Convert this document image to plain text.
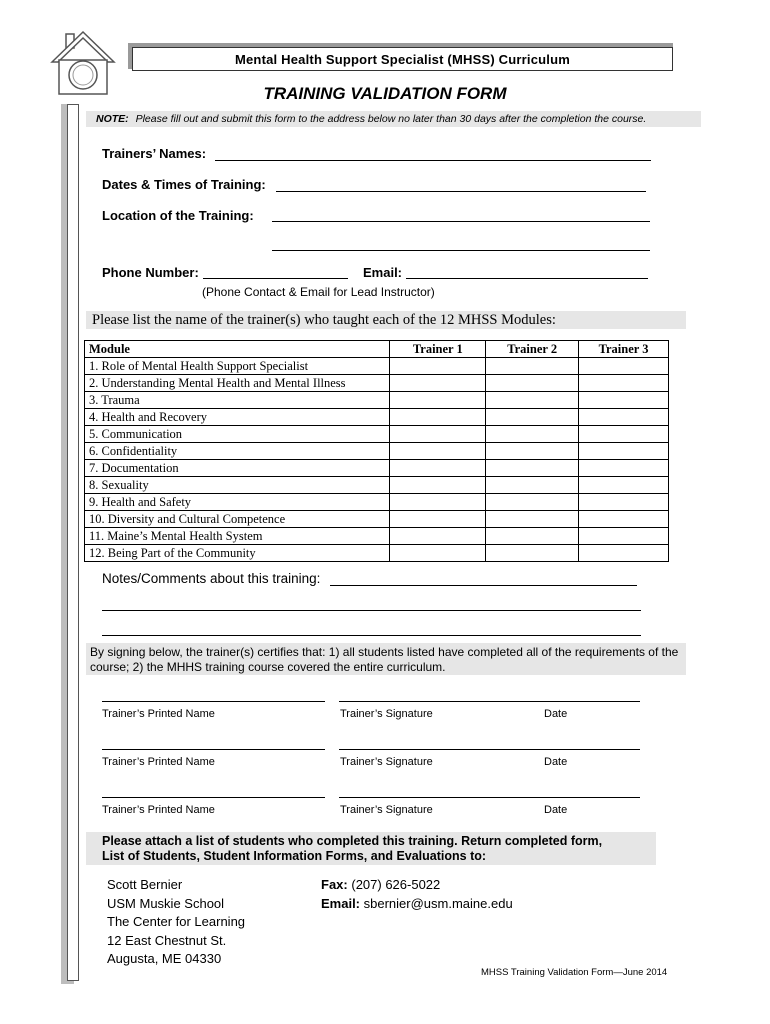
Mental Health Support Specialist (MHSS) Curriculum
TRAINING VALIDATION FORM
NOTE: Please fill out and submit this form to the address below no later than 30 days after the completion the course.
Trainers’ Names:
Dates & Times of Training:
Location of the Training:
Phone Number:	Email:
(Phone Contact & Email for Lead Instructor)
Please list the name of the trainer(s) who taught each of the 12 MHSS Modules:
Module	Trainer 1	Trainer 2	Trainer 3
1. Role of Mental Health Support Specialist			
2. Understanding Mental Health and Mental Illness			
3. Trauma			
4. Health and Recovery			
5. Communication			
6. Confidentiality			
7. Documentation			
8. Sexuality			
9. Health and Safety			
10. Diversity and Cultural Competence			
11. Maine’s Mental Health System			
12. Being Part of the Community			
Notes/Comments about this training:
By signing below, the trainer(s) certifies that: 1) all students listed have completed all of the requirements of the course; 2) the MHHS training course covered the entire curriculum.
Trainer’s Printed Name	Trainer’s Signature	Date
Trainer’s Printed Name	Trainer’s Signature	Date
Trainer’s Printed Name	Trainer’s Signature	Date
Please attach a list of students who completed this training. Return completed form,
List of Students, Student Information Forms, and Evaluations to:
Scott Bernier
USM Muskie School
The Center for Learning
12 East Chestnut St.
Augusta, ME 04330
Fax: (207) 626-5022
Email: sbernier@usm.maine.edu
MHSS Training Validation Form—June 2014
